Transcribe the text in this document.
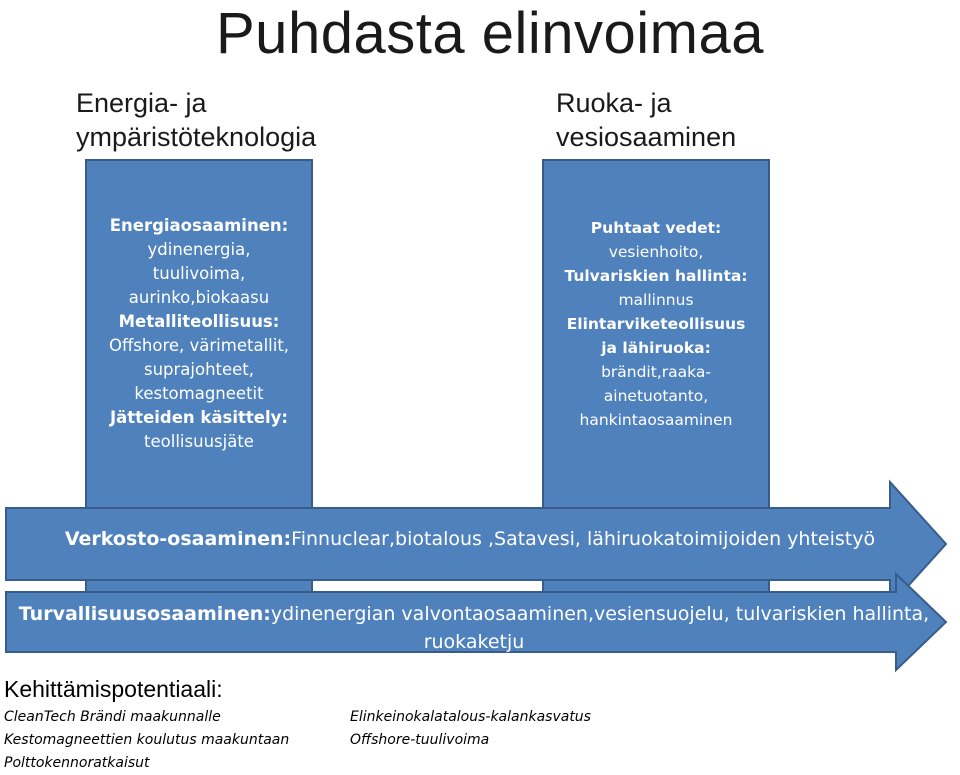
Puhdasta elinvoimaa
Energia- ja
ympäristöteknologia
Ruoka- ja
vesiosaaminen
Energiaosaaminen:
ydinenergia,
tuulivoima,
aurinko,biokaasu
Metalliteollisuus:
Offshore, värimetallit,
suprajohteet,
kestomagneetit
Jätteiden käsittely:
teollisuusjäte
Puhtaat vedet:
vesienhoito,
Tulvariskien hallinta:
mallinnus
Elintarviketeollisuus
ja lähiruoka:
brändit,raaka-
ainetuotanto,
hankintaosaaminen
Verkosto-osaaminen:Finnuclear,biotalous ,Satavesi, lähiruokatoimijoiden yhteistyö
Turvallisuusosaaminen:ydinenergian valvontaosaaminen,vesiensuojelu, tulvariskien hallinta, ruokaketju
Kehittämispotentiaali:
CleanTech Brändi maakunnalle
Kestomagneettien koulutus maakuntaan
Polttokennoratkaisut
Elinkeinokalatalous-kalankasvatus
Offshore-tuulivoima
